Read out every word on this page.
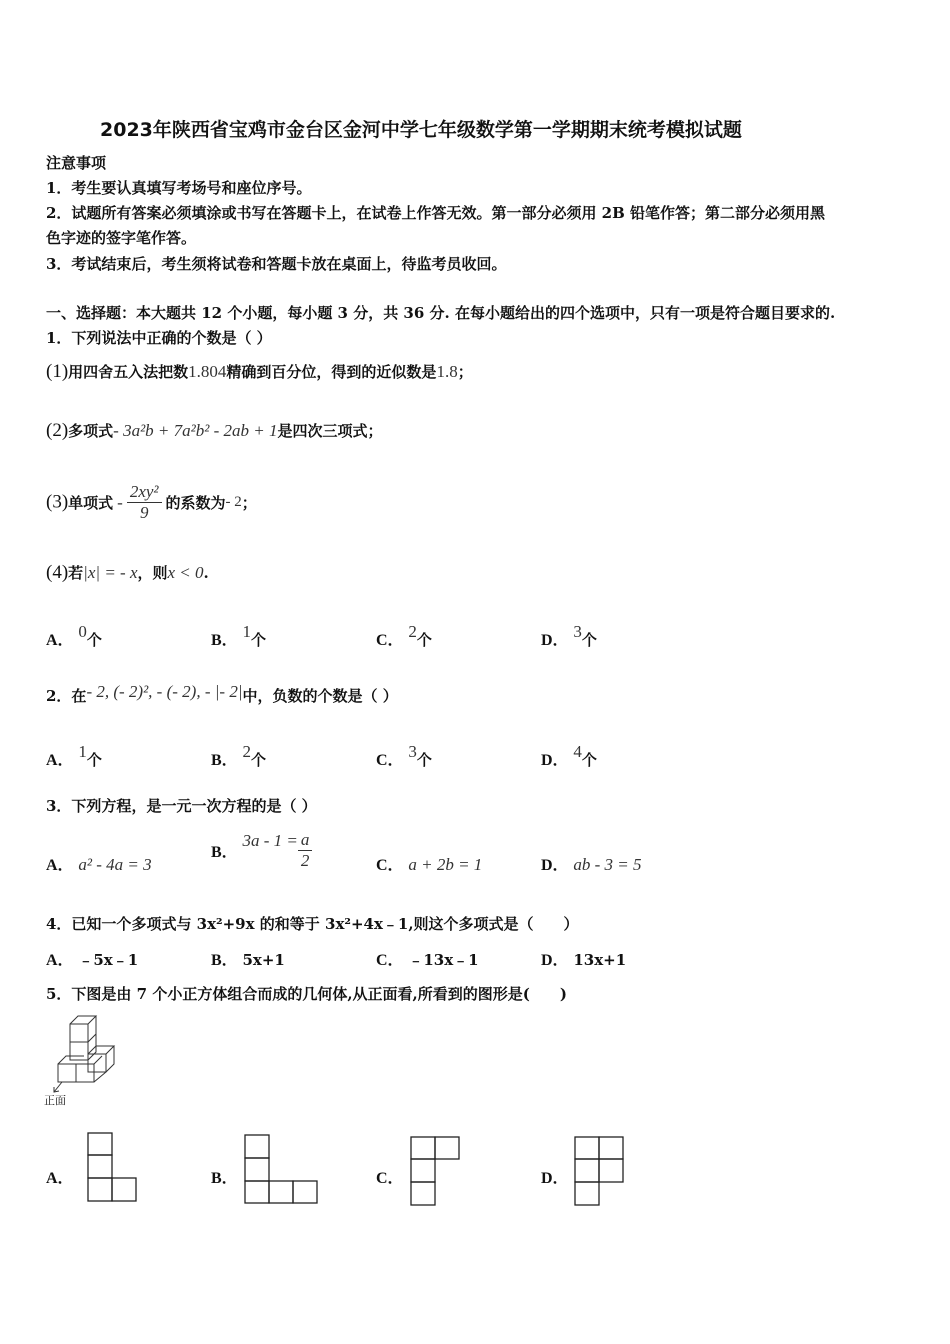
2023年陕西省宝鸡市金台区金河中学七年级数学第一学期期末统考模拟试题
注意事项
1．考生要认真填写考场号和座位序号。
2．试题所有答案必须填涂或书写在答题卡上，在试卷上作答无效。第一部分必须用 2B 铅笔作答；第二部分必须用黑
色字迹的签字笔作答。
3．考试结束后，考生须将试卷和答题卡放在桌面上，待监考员收回。
一、选择题：本大题共 12 个小题，每小题 3 分，共 36 分. 在每小题给出的四个选项中，只有一项是符合题目要求的.
1．下列说法中正确的个数是（ ）
(1)用四舍五入法把数1.804精确到百分位，得到的近似数是1.8；
(2)多项式- 3a²b + 7a²b² - 2ab + 1是四次三项式；
(3)单项式 - $\frac{\text{2xy²}}{9}$ 的系数为- 2；
(4)若|x| = - x，则x < 0.
A． 0个	B． 1个	C． 2个	D． 3个
2．在- 2, (- 2)², - (- 2), - |- 2|中，负数的个数是（ ）
A． 1个	B． 2个	C． 3个	D． 4个
3．下列方程，是一元一次方程的是（ ）
A． a² - 4a = 3
B． $3a - 1 = \frac{a}{2}$	C． a + 2b = 1	D． ab - 3 = 5
4．已知一个多项式与 3x²+9x 的和等于 3x²+4x﹣1,则这个多项式是（　　）
A． ﹣5x﹣1	B． 5x+1	C． ﹣13x﹣1	D． 13x+1
5．下图是由 7 个小正方体组合而成的几何体,从正面看,所看到的图形是(　　)
正面
A．	B．	C．	D．
